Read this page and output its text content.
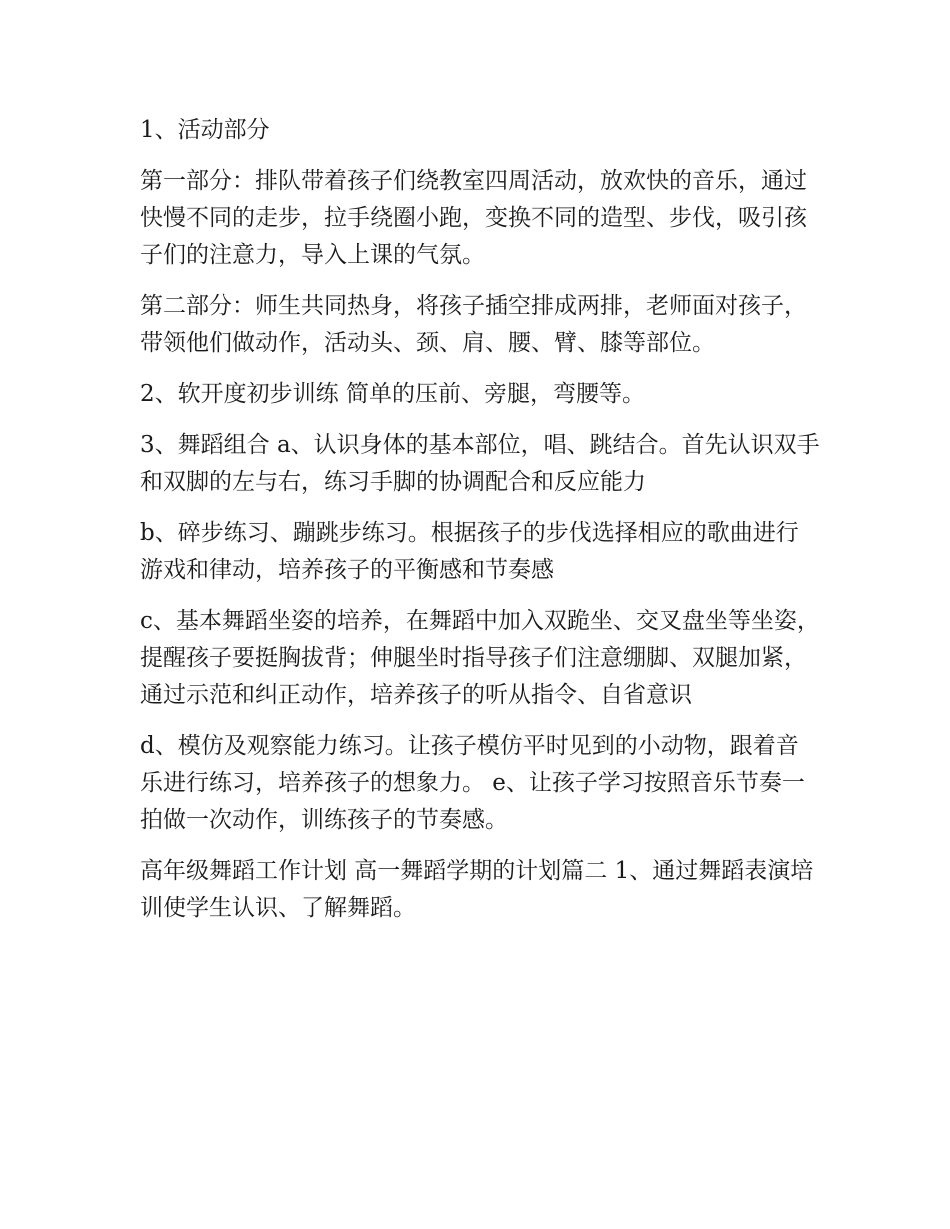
1、活动部分

第一部分：排队带着孩子们绕教室四周活动，放欢快的音乐，通过快慢不同的走步，拉手绕圈小跑，变换不同的造型、步伐，吸引孩子们的注意力，导入上课的气氛。

第二部分：师生共同热身，将孩子插空排成两排，老师面对孩子，带领他们做动作，活动头、颈、肩、腰、臂、膝等部位。

2、软开度初步训练 简单的压前、旁腿，弯腰等。

3、舞蹈组合 a、认识身体的基本部位，唱、跳结合。首先认识双手和双脚的左与右，练习手脚的协调配合和反应能力

b、碎步练习、蹦跳步练习。根据孩子的步伐选择相应的歌曲进行游戏和律动，培养孩子的平衡感和节奏感

c、基本舞蹈坐姿的培养，在舞蹈中加入双跪坐、交叉盘坐等坐姿，提醒孩子要挺胸拔背；伸腿坐时指导孩子们注意绷脚、双腿加紧，通过示范和纠正动作，培养孩子的听从指令、自省意识

d、模仿及观察能力练习。让孩子模仿平时见到的小动物，跟着音乐进行练习，培养孩子的想象力。 e、让孩子学习按照音乐节奏一拍做一次动作，训练孩子的节奏感。

高年级舞蹈工作计划 高一舞蹈学期的计划篇二 1、通过舞蹈表演培训使学生认识、了解舞蹈。
